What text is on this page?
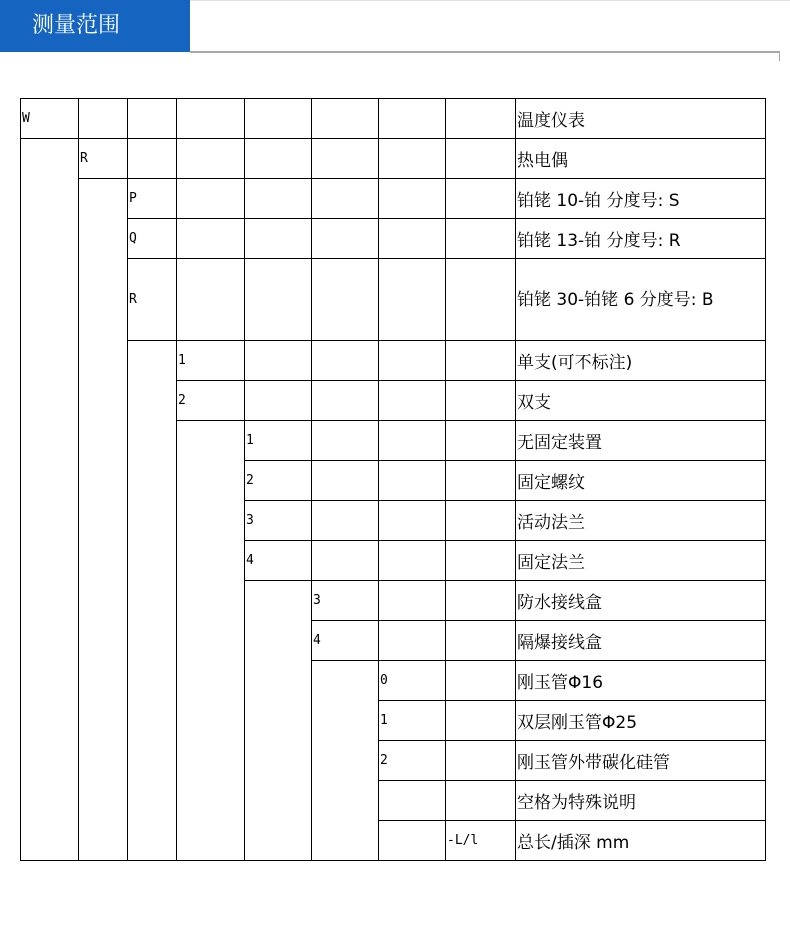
测量范围
W								温度仪表
	R							热电偶
		P						铂铑 10-铂 分度号: S
		Q						铂铑 13-铂 分度号: R
		R						铂铑 30-铂铑 6 分度号: B
			1					单支(可不标注)
			2					双支
				1				无固定装置
				2				固定螺纹
				3				活动法兰
				4				固定法兰
					3			防水接线盒
					4			隔爆接线盒
						0		刚玉管Φ16
						1		双层刚玉管Φ25
						2		刚玉管外带碳化硅管
								空格为特殊说明
							-L/l	总长/插深 mm
